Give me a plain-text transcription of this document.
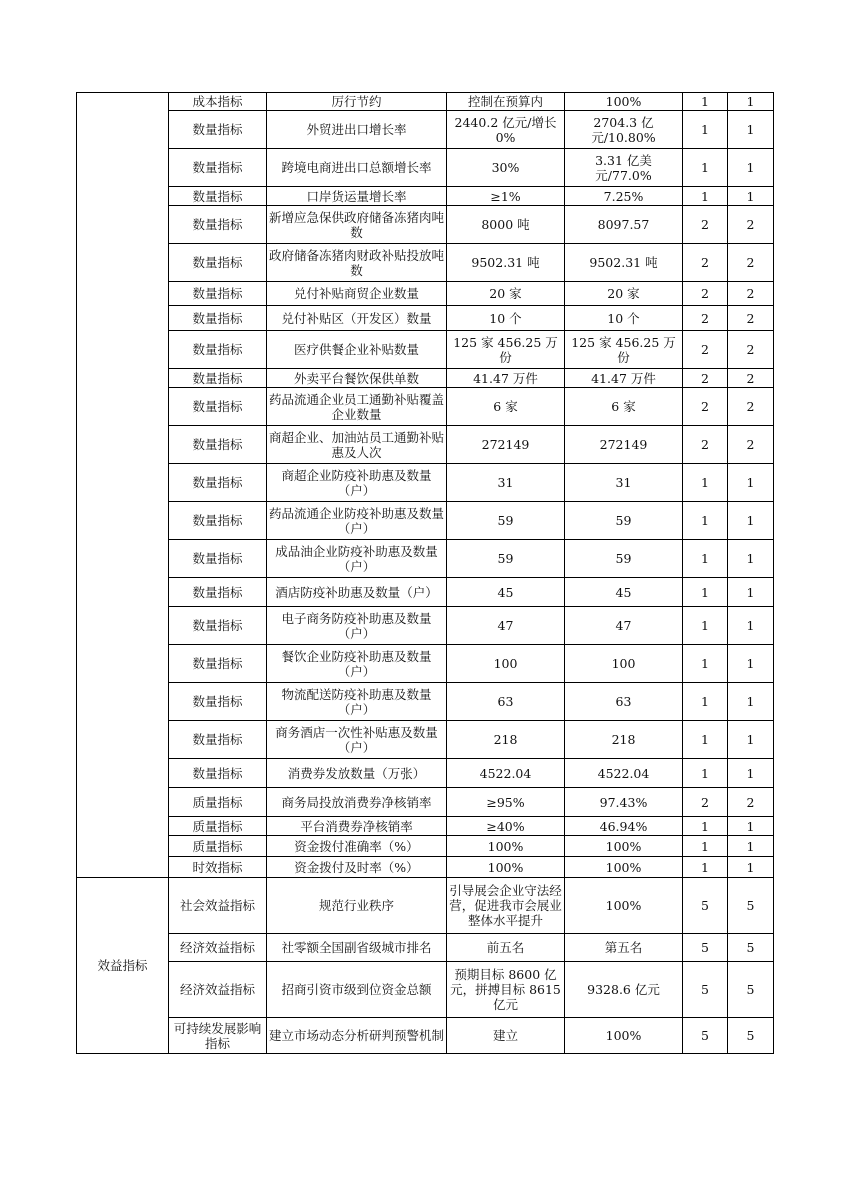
	成本指标	厉行节约	控制在预算内	100%	1	1
	数量指标	外贸进出口增长率	2440.2 亿元/增长 0%	2704.3 亿元/10.80%	1	1
	数量指标	跨境电商进出口总额增长率	30%	3.31 亿美元/77.0%	1	1
	数量指标	口岸货运量增长率	≥1%	7.25%	1	1
	数量指标	新增应急保供政府储备冻猪肉吨数	8000 吨	8097.57	2	2
	数量指标	政府储备冻猪肉财政补贴投放吨数	9502.31 吨	9502.31 吨	2	2
	数量指标	兑付补贴商贸企业数量	20 家	20 家	2	2
	数量指标	兑付补贴区（开发区）数量	10 个	10 个	2	2
	数量指标	医疗供餐企业补贴数量	125 家 456.25 万份	125 家 456.25 万份	2	2
	数量指标	外卖平台餐饮保供单数	41.47 万件	41.47 万件	2	2
	数量指标	药品流通企业员工通勤补贴覆盖企业数量	6 家	6 家	2	2
	数量指标	商超企业、加油站员工通勤补贴惠及人次	272149	272149	2	2
	数量指标	商超企业防疫补助惠及数量（户）	31	31	1	1
	数量指标	药品流通企业防疫补助惠及数量（户）	59	59	1	1
	数量指标	成品油企业防疫补助惠及数量（户）	59	59	1	1
	数量指标	酒店防疫补助惠及数量（户）	45	45	1	1
	数量指标	电子商务防疫补助惠及数量（户）	47	47	1	1
	数量指标	餐饮企业防疫补助惠及数量（户）	100	100	1	1
	数量指标	物流配送防疫补助惠及数量（户）	63	63	1	1
	数量指标	商务酒店一次性补贴惠及数量（户）	218	218	1	1
	数量指标	消费券发放数量（万张）	4522.04	4522.04	1	1
	质量指标	商务局投放消费券净核销率	≥95%	97.43%	2	2
	质量指标	平台消费券净核销率	≥40%	46.94%	1	1
	质量指标	资金拨付准确率（%）	100%	100%	1	1
	时效指标	资金拨付及时率（%）	100%	100%	1	1
效益指标	社会效益指标	规范行业秩序	引导展会企业守法经营，促进我市会展业整体水平提升	100%	5	5
	经济效益指标	社零额全国副省级城市排名	前五名	第五名	5	5
	经济效益指标	招商引资市级到位资金总额	预期目标 8600 亿元，拼搏目标 8615 亿元	9328.6 亿元	5	5
	可持续发展影响指标	建立市场动态分析研判预警机制	建立	100%	5	5
